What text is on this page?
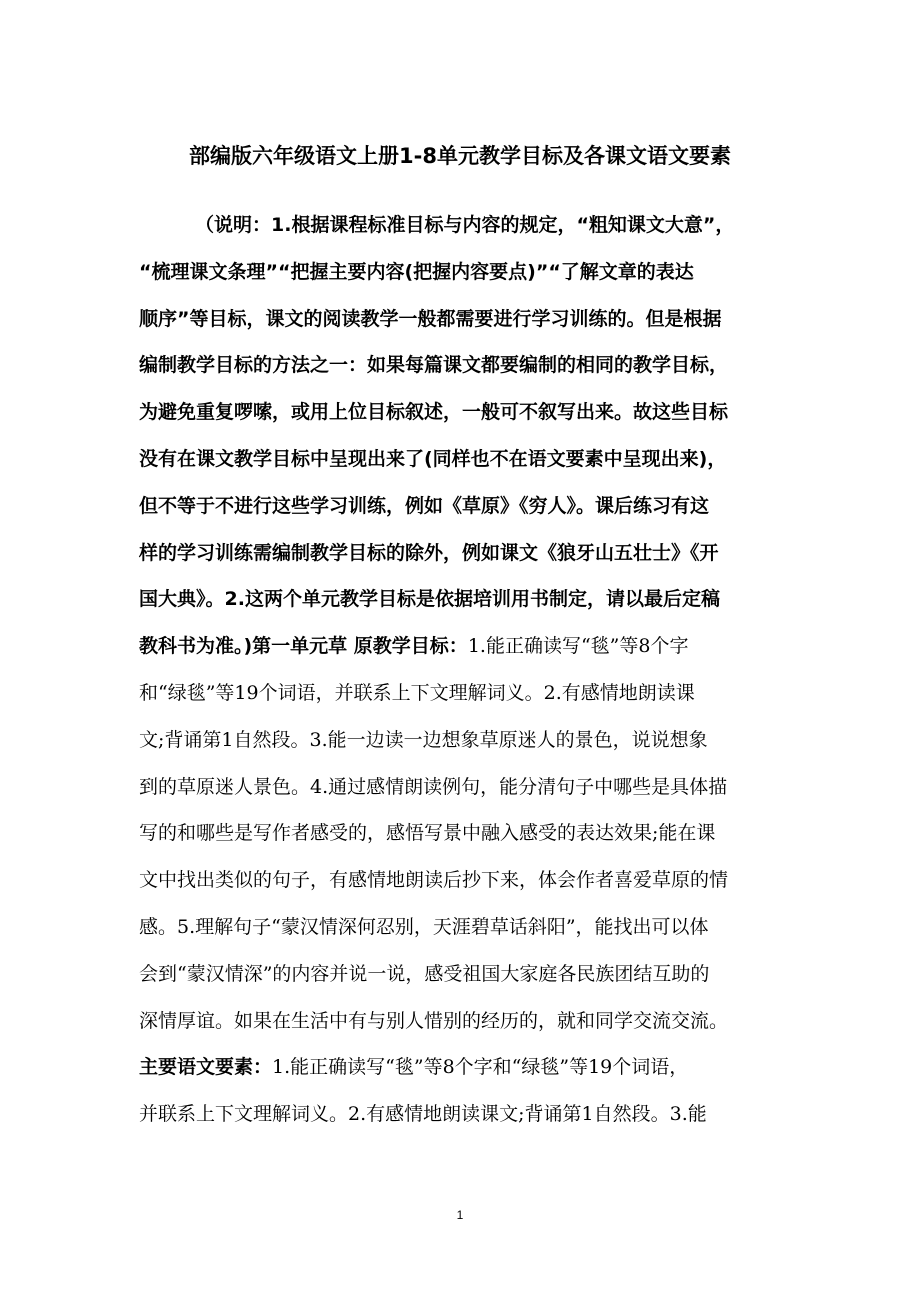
部编版六年级语文上册1-8单元教学目标及各课文语文要素
（说明：1.根据课程标准目标与内容的规定，“粗知课文大意”，
“梳理课文条理”“把握主要内容(把握内容要点)”“了解文章的表达
顺序”等目标，课文的阅读教学一般都需要进行学习训练的。但是根据
编制教学目标的方法之一：如果每篇课文都要编制的相同的教学目标，
为避免重复啰嗦，或用上位目标叙述，一般可不叙写出来。故这些目标
没有在课文教学目标中呈现出来了(同样也不在语文要素中呈现出来)，
但不等于不进行这些学习训练，例如《草原》《穷人》。课后练习有这
样的学习训练需编制教学目标的除外，例如课文《狼牙山五壮士》《开
国大典》。2.这两个单元教学目标是依据培训用书制定，请以最后定稿
教科书为准。)第一单元草 原教学目标：1.能正确读写“毯”等8个字
和“绿毯”等19个词语，并联系上下文理解词义。2.有感情地朗读课
文;背诵第1自然段。3.能一边读一边想象草原迷人的景色，说说想象
到的草原迷人景色。4.通过感情朗读例句，能分清句子中哪些是具体描
写的和哪些是写作者感受的，感悟写景中融入感受的表达效果;能在课
文中找出类似的句子，有感情地朗读后抄下来，体会作者喜爱草原的情
感。5.理解句子“蒙汉情深何忍别，天涯碧草话斜阳”，能找出可以体
会到“蒙汉情深”的内容并说一说，感受祖国大家庭各民族团结互助的
深情厚谊。如果在生活中有与别人惜别的经历的，就和同学交流交流。
主要语文要素：1.能正确读写“毯”等8个字和“绿毯”等19个词语，
并联系上下文理解词义。2.有感情地朗读课文;背诵第1自然段。3.能
1
